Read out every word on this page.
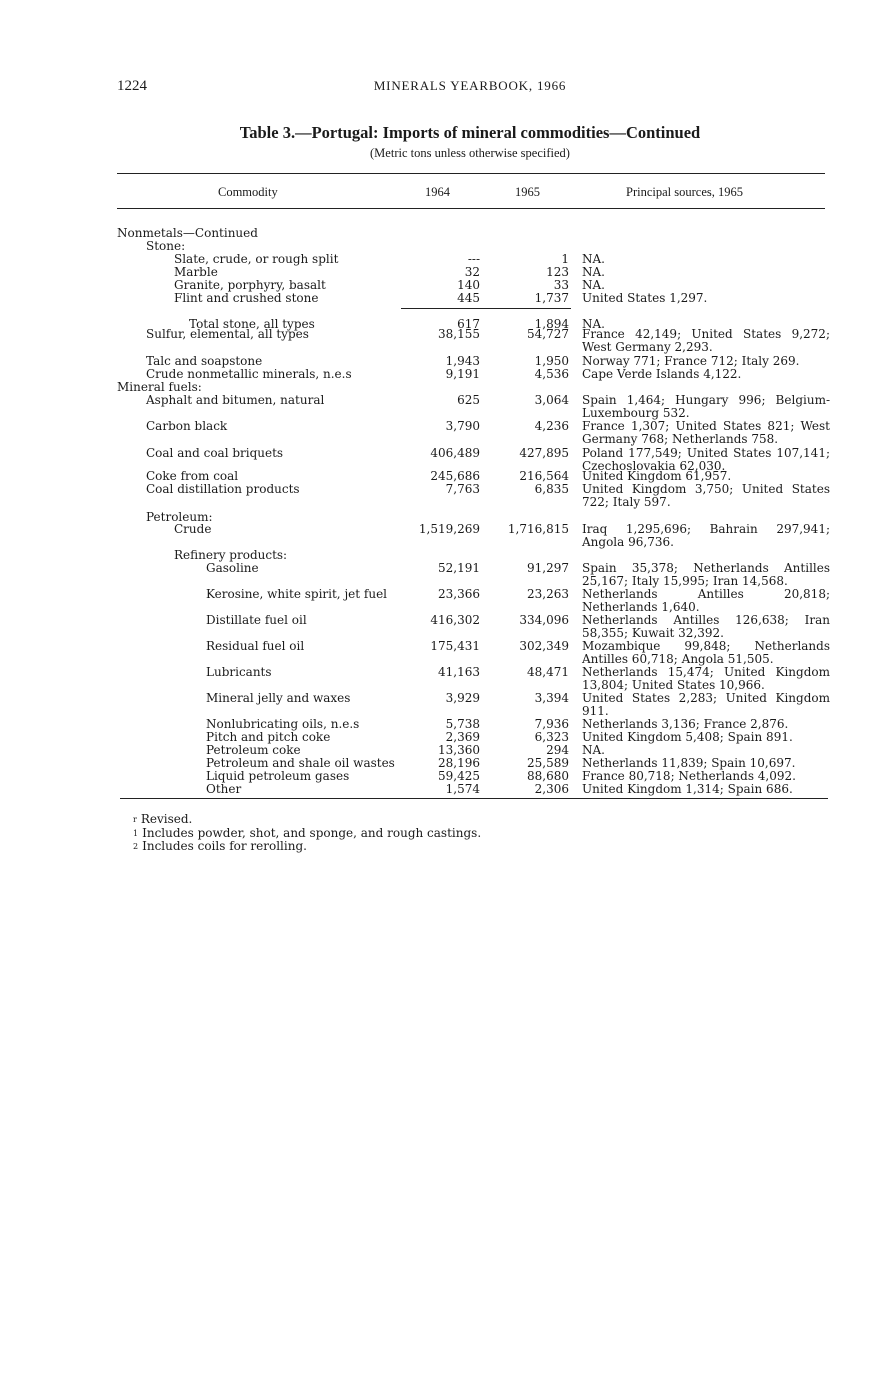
1224	MINERALS YEARBOOK, 1966
Table 3.—Portugal: Imports of mineral commodities—Continued
(Metric tons unless otherwise specified)
Commodity	1964	1965	Principal sources, 1965
Nonmetals—Continued
Stone:
Slate, crude, or rough split	---	1 NA.
Marble	32	123 NA.
Granite, porphyry, basalt	140	33 NA.
Flint and crushed stone	445	1,737 United States 1,297.
Total stone, all types	617	1,894 NA.
Sulfur, elemental, all types	38,155	54,727 France 42,149; United States 9,272; West Germany 2,293.
Talc and soapstone	1,943	1,950 Norway 771; France 712; Italy 269.
Crude nonmetallic minerals, n.e.s	9,191	4,536 Cape Verde Islands 4,122.
Mineral fuels:
Asphalt and bitumen, natural	625	3,064 Spain 1,464; Hungary 996; Belgium-Luxembourg 532.
Carbon black	3,790	4,236 France 1,307; United States 821; West Germany 768; Netherlands 758.
Coal and coal briquets	406,489	427,895 Poland 177,549; United States 107,141; Czechoslovakia 62,030.
Coke from coal	245,686	216,564 United Kingdom 61,957.
Coal distillation products	7,763	6,835 United Kingdom 3,750; United States 722; Italy 597.
Petroleum:
Crude	1,519,269 1,716,815 Iraq 1,295,696; Bahrain 297,941; Angola 96,736.
Refinery products:
Gasoline	52,191	91,297 Spain 35,378; Netherlands Antilles 25,167; Italy 15,995; Iran 14,568.
Kerosine, white spirit, jet fuel	23,366	23,263 Netherlands Antilles 20,818; Netherlands 1,640.
Distillate fuel oil	416,302	334,096 Netherlands Antilles 126,638; Iran 58,355; Kuwait 32,392.
Residual fuel oil	175,431	302,349 Mozambique 99,848; Netherlands Antilles 60,718; Angola 51,505.
Lubricants	41,163	48,471 Netherlands 15,474; United Kingdom 13,804; United States 10,966.
Mineral jelly and waxes	3,929	3,394 United States 2,283; United Kingdom 911.
Nonlubricating oils, n.e.s	5,738	7,936 Netherlands 3,136; France 2,876.
Pitch and pitch coke	2,369	6,323 United Kingdom 5,408; Spain 891.
Petroleum coke	13,360	294 NA.
Petroleum and shale oil wastes	28,196	25,589 Netherlands 11,839; Spain 10,697.
Liquid petroleum gases	59,425	88,680 France 80,718; Netherlands 4,092.
Other	1,574	2,306 United Kingdom 1,314; Spain 686.
$^r$ Revised.
$^1$ Includes powder, shot, and sponge, and rough castings.
$^2$ Includes coils for rerolling.
